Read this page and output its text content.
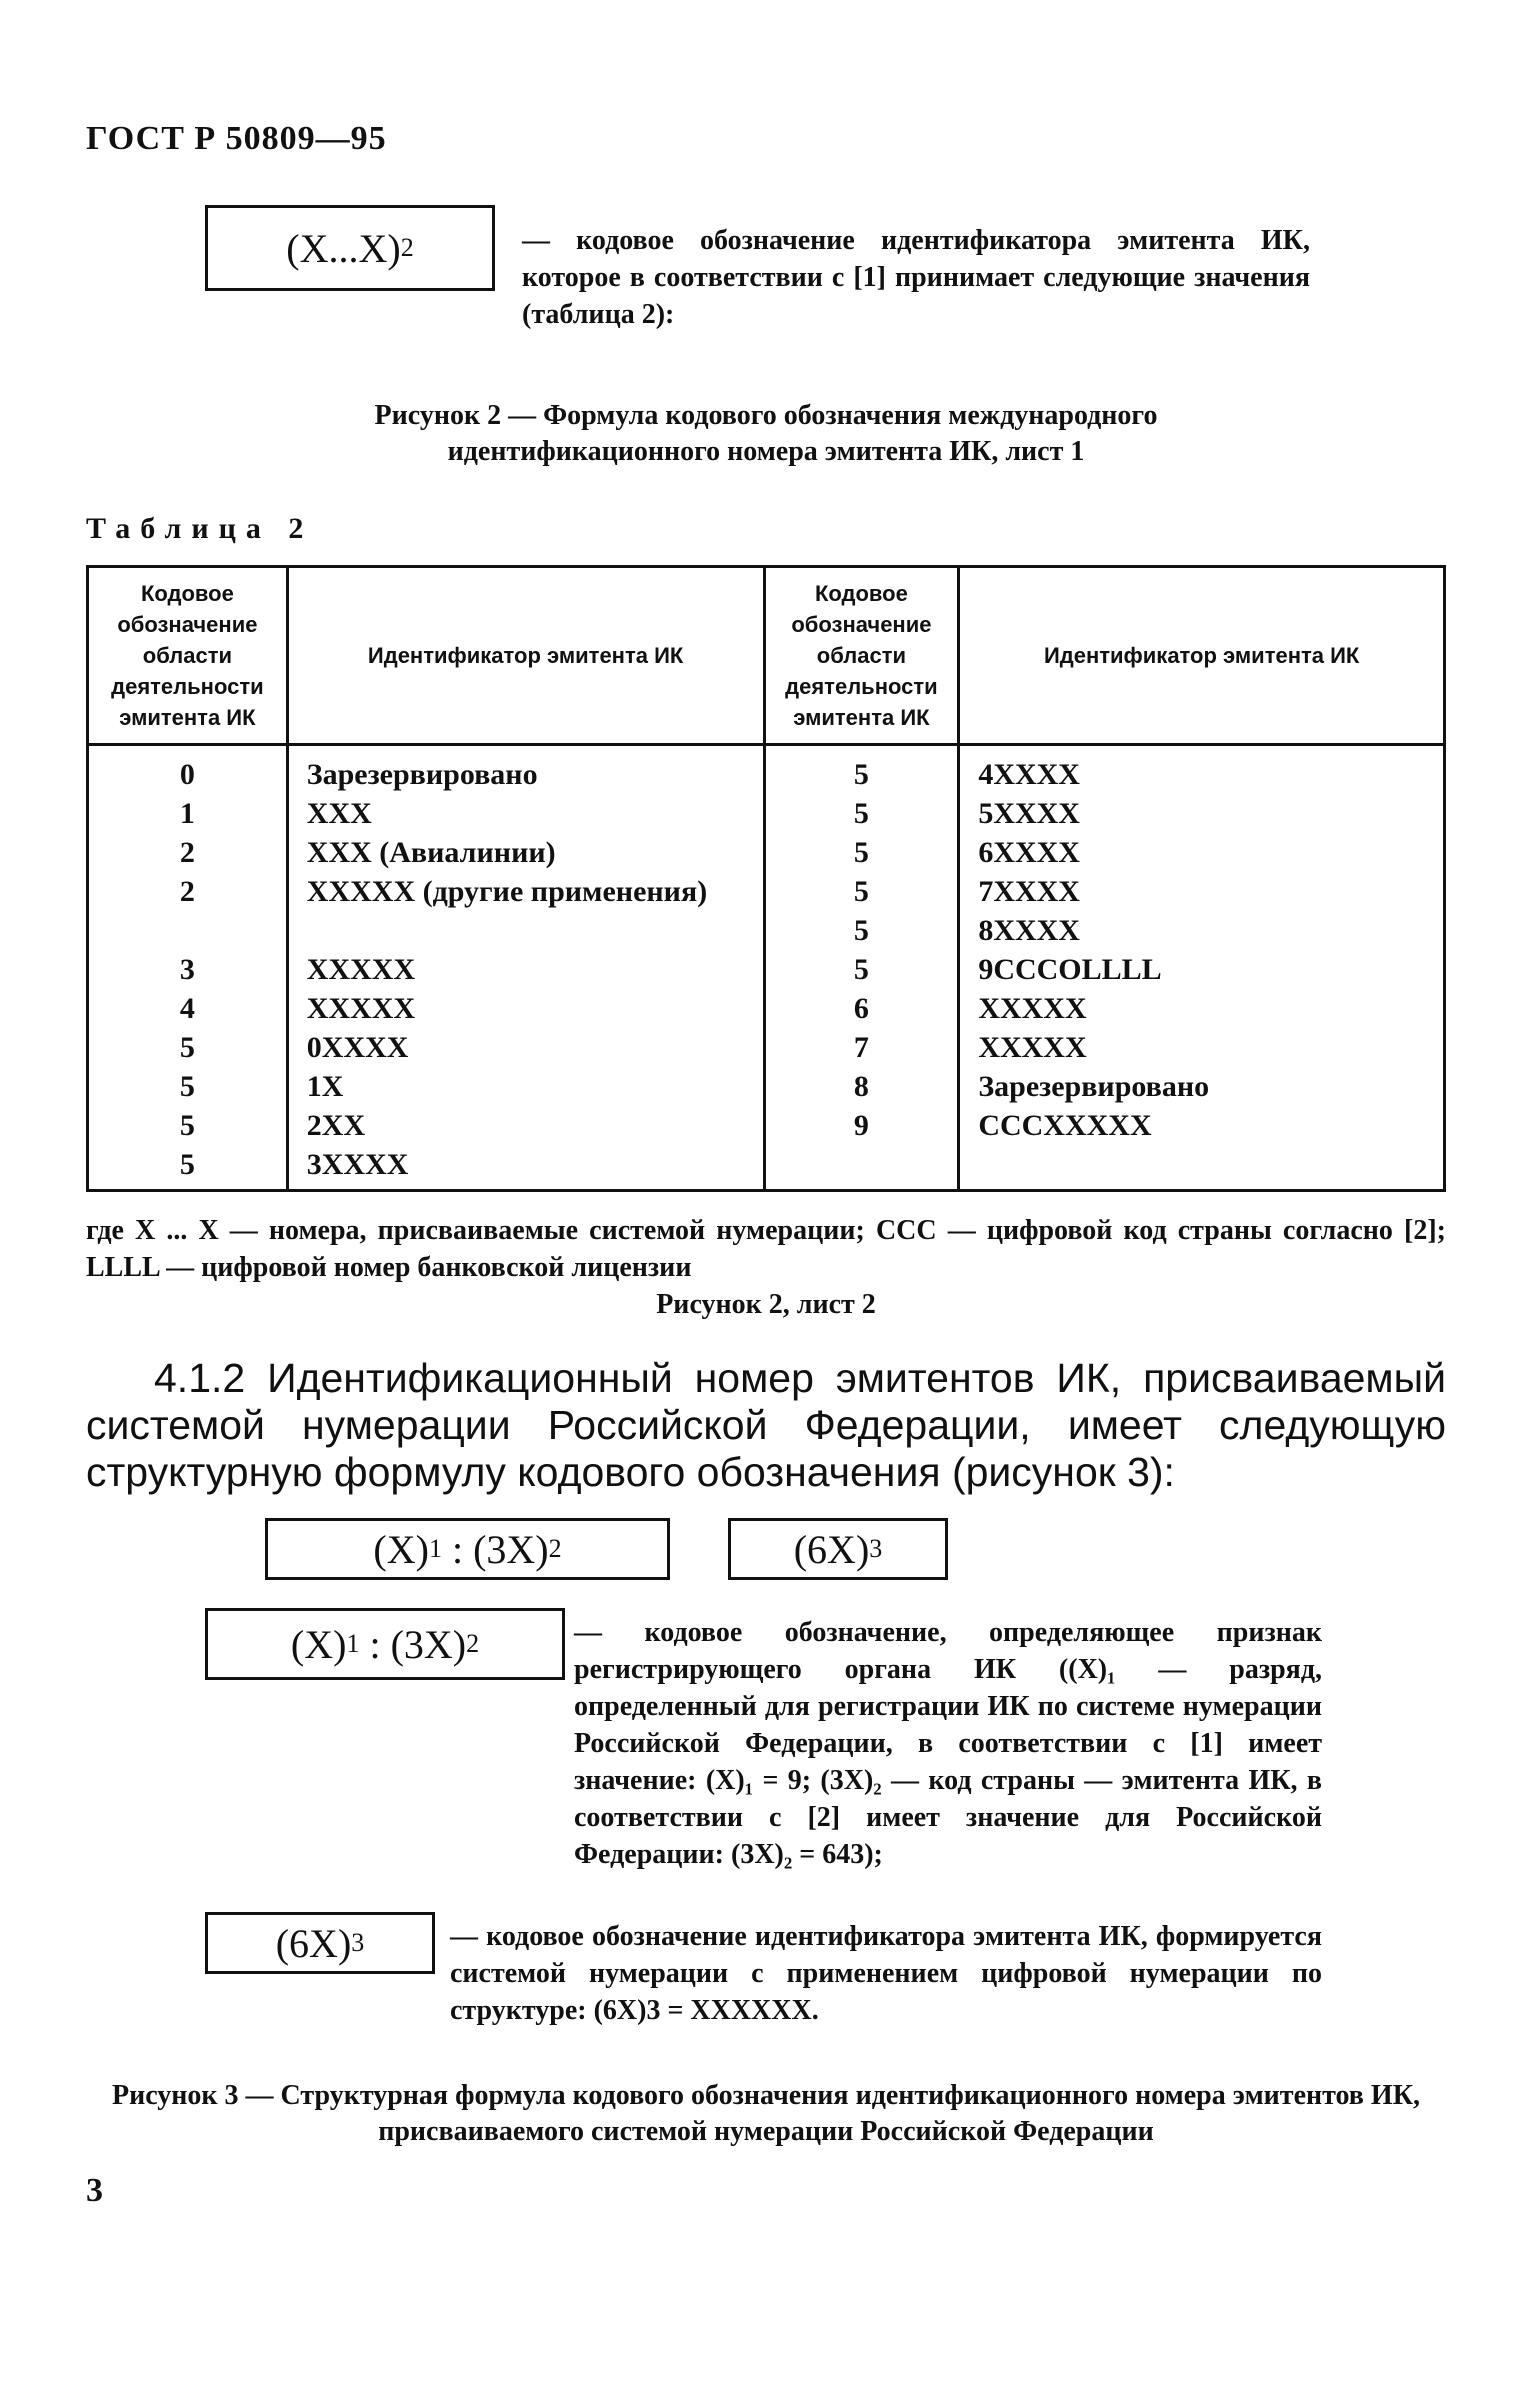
ГОСТ Р 50809—95
(X...X) 2	— кодовое обозначение идентификатора эмитента ИК, которое в соответствии с [1] принимает следующие значения (таблица 2):
Рисунок 2 — Формула кодового обозначения международного
идентификационного номера эмитента ИК, лист 1
Таблица 2
Кодовое обозначение области деятельности эмитента ИК	Идентификатор эмитента ИК	Кодовое обозначение области деятельности эмитента ИК	Идентификатор эмитента ИК
0	Зарезервировано	5	4XXXX
1	XXX	5	5XXXX
2	XXX (Авиалинии)	5	6XXXX
2	XXXXX (другие применения)	5	7XXXX
		5	8XXXX
3	XXXXX	5	9CCCOLLLL
4	XXXXX	6	XXXXX
5	0XXXX	7	XXXXX
5	1X	8	Зарезервировано
5	2XX	9	CCCXXXXX
5	3XXXX		
где X ... X — номера, присваиваемые системой нумерации; CCC — цифровой код страны согласно [2]; LLLL — цифровой номер банковской лицензии
Рисунок 2, лист 2
4.1.2 Идентификационный номер эмитентов ИК, присваиваемый системой нумерации Российской Федерации, имеет следующую структурную формулу кодового обозначения (рисунок 3):
(X) 1 : (3X) 2	(6X) 3
(X) 1 : (3X) 2	— кодовое обозначение, определяющее признак регистрирующего органа ИК ((X)₁ — разряд, определенный для регистрации ИК по системе нумерации Российской Федерации, в соответствии с [1] имеет значение: (X)₁ = 9; (3X)₂ — код страны — эмитента ИК, в соответствии с [2] имеет значение для Российской Федерации: (3X)₂ = 643);
(6X) 3	— кодовое обозначение идентификатора эмитента ИК, формируется системой нумерации с применением цифровой нумерации по структуре: (6X)3 = XXXXXX.
Рисунок 3 — Структурная формула кодового обозначения идентификационного номера эмитентов ИК, присваиваемого системой нумерации Российской Федерации
3
